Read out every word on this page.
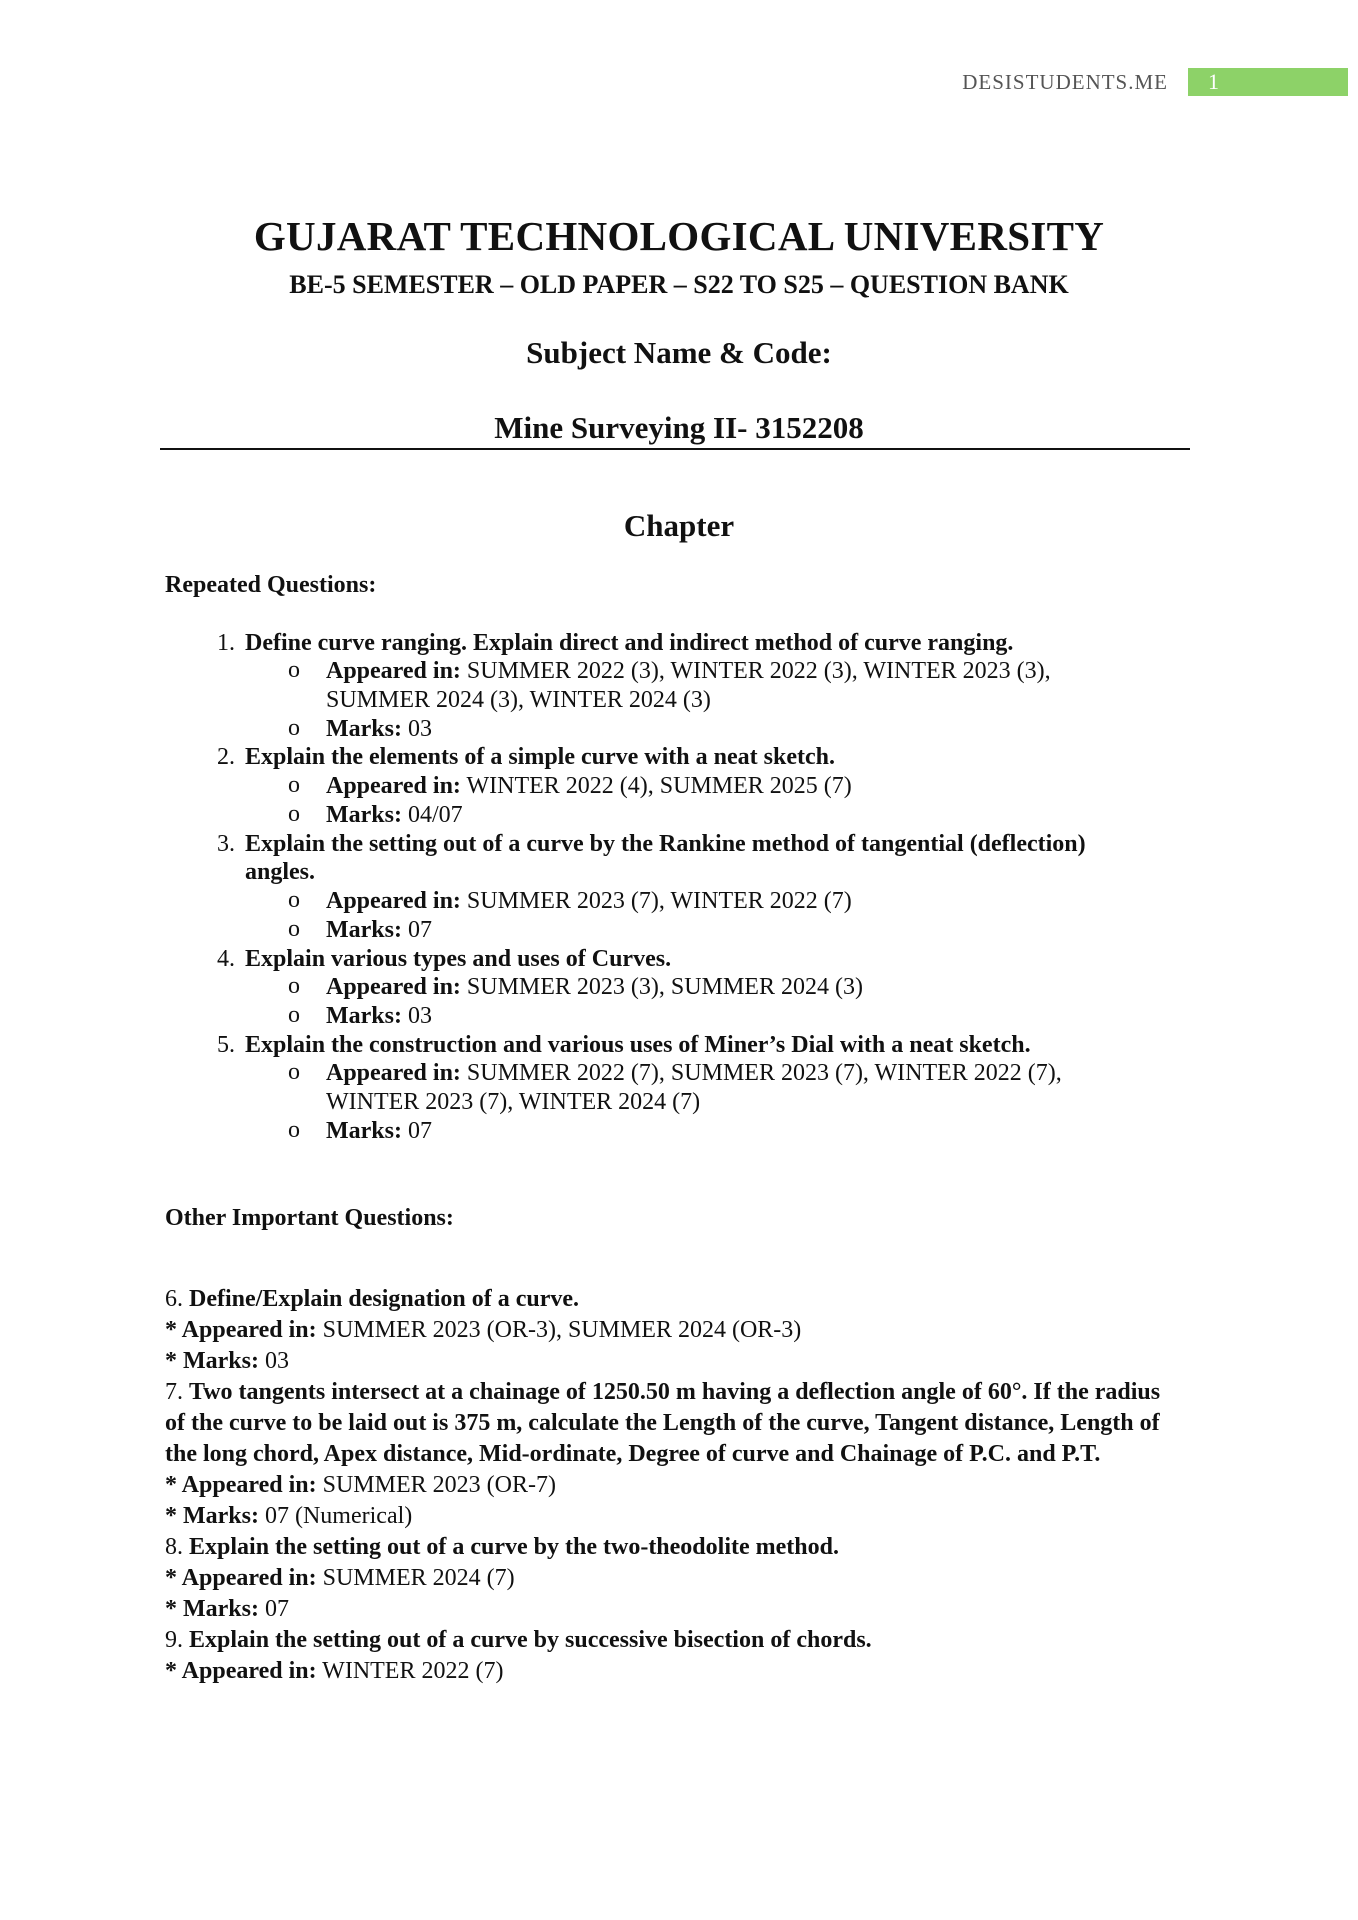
DESISTUDENTS.ME	1
GUJARAT TECHNOLOGICAL UNIVERSITY
BE-5 SEMESTER – OLD PAPER – S22 TO S25 – QUESTION BANK
Subject Name & Code:
Mine Surveying II- 3152208
Chapter
Repeated Questions:
1. Define curve ranging. Explain direct and indirect method of curve ranging.
o Appeared in: SUMMER 2022 (3), WINTER 2022 (3), WINTER 2023 (3), SUMMER 2024 (3), WINTER 2024 (3)
o Marks: 03
2. Explain the elements of a simple curve with a neat sketch.
o Appeared in: WINTER 2022 (4), SUMMER 2025 (7)
o Marks: 04/07
3. Explain the setting out of a curve by the Rankine method of tangential (deflection) angles.
o Appeared in: SUMMER 2023 (7), WINTER 2022 (7)
o Marks: 07
4. Explain various types and uses of Curves.
o Appeared in: SUMMER 2023 (3), SUMMER 2024 (3)
o Marks: 03
5. Explain the construction and various uses of Miner’s Dial with a neat sketch.
o Appeared in: SUMMER 2022 (7), SUMMER 2023 (7), WINTER 2022 (7), WINTER 2023 (7), WINTER 2024 (7)
o Marks: 07
Other Important Questions:
6. Define/Explain designation of a curve.
* Appeared in: SUMMER 2023 (OR-3), SUMMER 2024 (OR-3)
* Marks: 03
7. Two tangents intersect at a chainage of 1250.50 m having a deflection angle of 60°. If the radius of the curve to be laid out is 375 m, calculate the Length of the curve, Tangent distance, Length of the long chord, Apex distance, Mid-ordinate, Degree of curve and Chainage of P.C. and P.T.
* Appeared in: SUMMER 2023 (OR-7)
* Marks: 07 (Numerical)
8. Explain the setting out of a curve by the two-theodolite method.
* Appeared in: SUMMER 2024 (7)
* Marks: 07
9. Explain the setting out of a curve by successive bisection of chords.
* Appeared in: WINTER 2022 (7)
